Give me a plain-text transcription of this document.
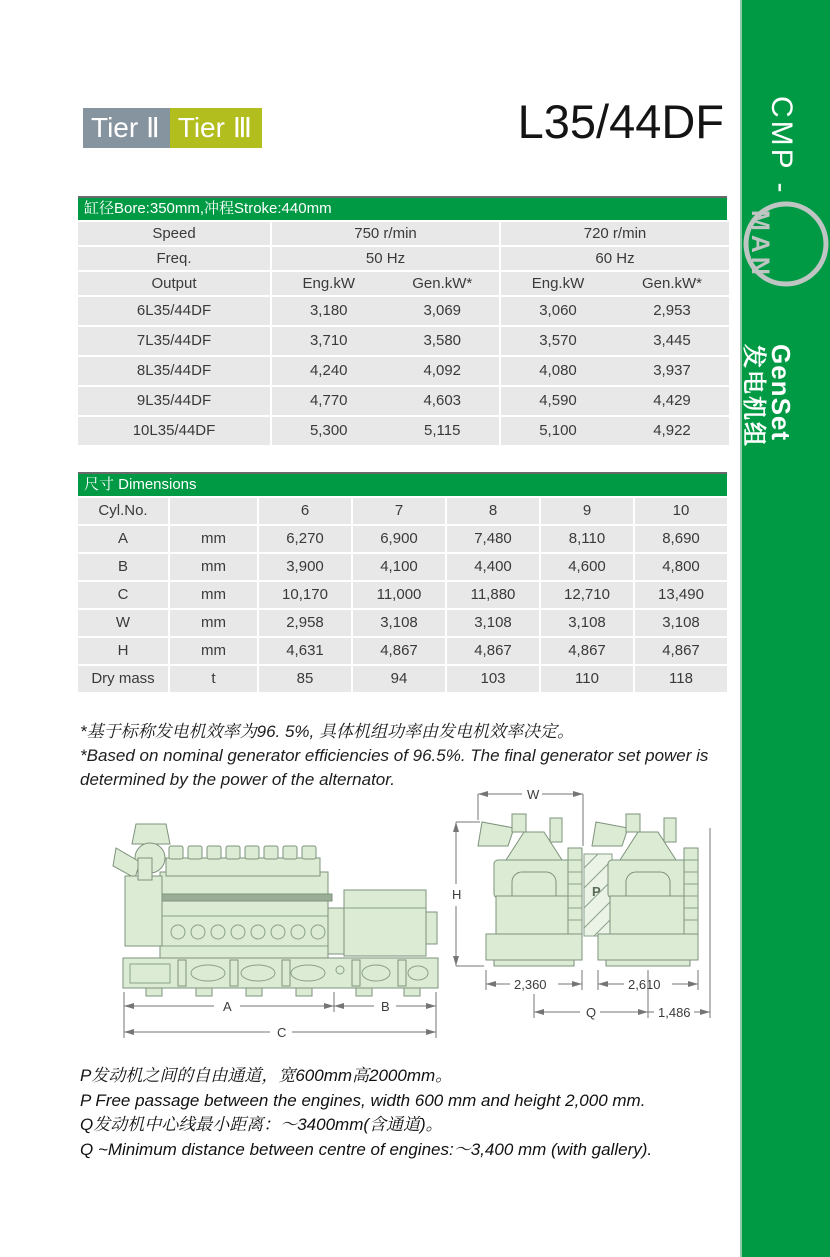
Tier Ⅱ Tier Ⅲ	L35/44DF
缸径Bore:350mm,冲程Stroke:440mm
Speed	750 r/min	720 r/min
Freq.	50 Hz	60 Hz
Output	Eng.kW	Gen.kW*	Eng.kW	Gen.kW*
6L35/44DF	3,180	3,069	3,060	2,953
7L35/44DF	3,710	3,580	3,570	3,445
8L35/44DF	4,240	4,092	4,080	3,937
9L35/44DF	4,770	4,603	4,590	4,429
10L35/44DF	5,300	5,115	5,100	4,922
尺寸 Dimensions
Cyl.No.	6	7	8	9	10
A	mm	6,270	6,900	7,480	8,110	8,690
B	mm	3,900	4,100	4,400	4,600	4,800
C	mm	10,170	11,000	11,880	12,710	13,490
W	mm	2,958	3,108	3,108	3,108	3,108
H	mm	4,631	4,867	4,867	4,867	4,867
Dry mass	t	85	94	103	110	118
*基于标称发电机效率为96. 5%, 具体机组功率由发电机效率决定。
*Based on nominal generator efficiencies of 96.5%. The final generator set power is determined by the power of the alternator.
A	B
C
P
W
H
2,360	2,610
Q	1,486
P发动机之间的自由通道，宽600mm高2000mm。
P Free passage between the engines, width 600 mm and height 2,000 mm.
Q发动机中心线最小距离：～3400mm(含通道)。
Q ~Minimum distance between centre of engines:～3,400 mm (with gallery).
CMP -
MAN
GenSet
发电机组
